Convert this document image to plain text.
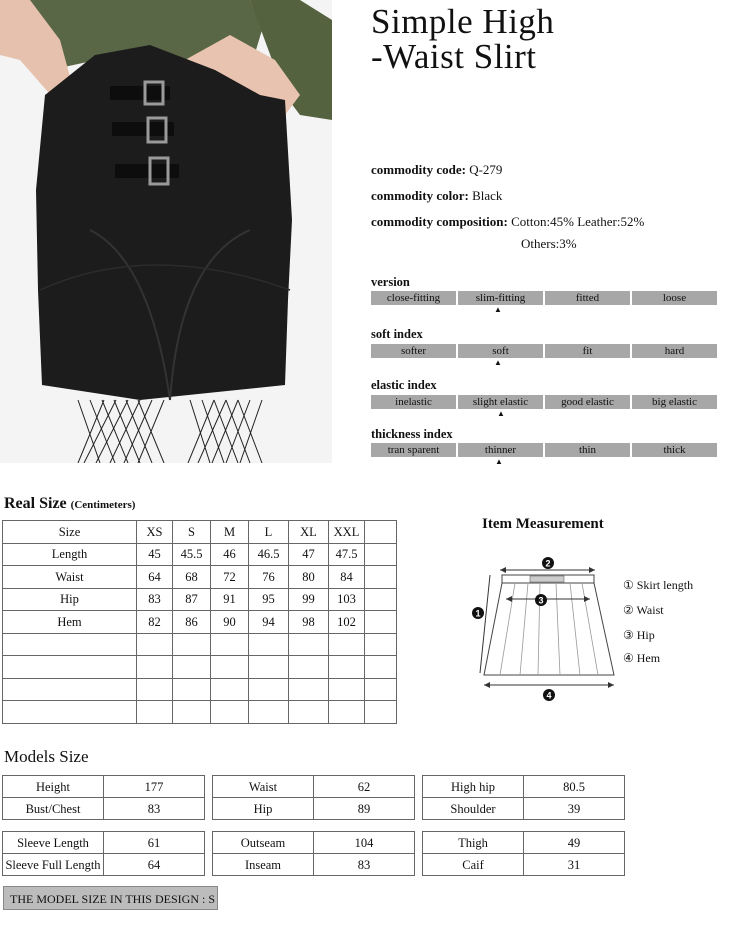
Simple High
-Waist Slirt
commodity code: Q-279
commodity color: Black
commodity composition: Cotton:45% Leather:52%
Others:3%
version
close-fitting	slim-fitting	fitted	loose
▲
soft index
softer	soft	fit	hard
▲
elastic index
inelastic	slight elastic	good elastic	big elastic
▲
thickness index
tran sparent	thinner	thin	thick
▲
Real Size (Centimeters)
Size	XS	S	M	L	XL	XXL	
Length	45	45.5	46	46.5	47	47.5	
Waist	64	68	72	76	80	84	
Hip	83	87	91	95	99	103	
Hem	82	86	90	94	98	102	

Item Measurement
2
3
1
4
① Skirt length
② Waist
③ Hip
④ Hem
Models Size
Height	177		Waist	62		High hip	80.5
Bust/Chest	83		Hip	89		Shoulder	39
Sleeve Length	61		Outseam	104		Thigh	49
Sleeve Full Length	64		Inseam	83		Caif	31
THE MODEL SIZE IN THIS DESIGN : S
